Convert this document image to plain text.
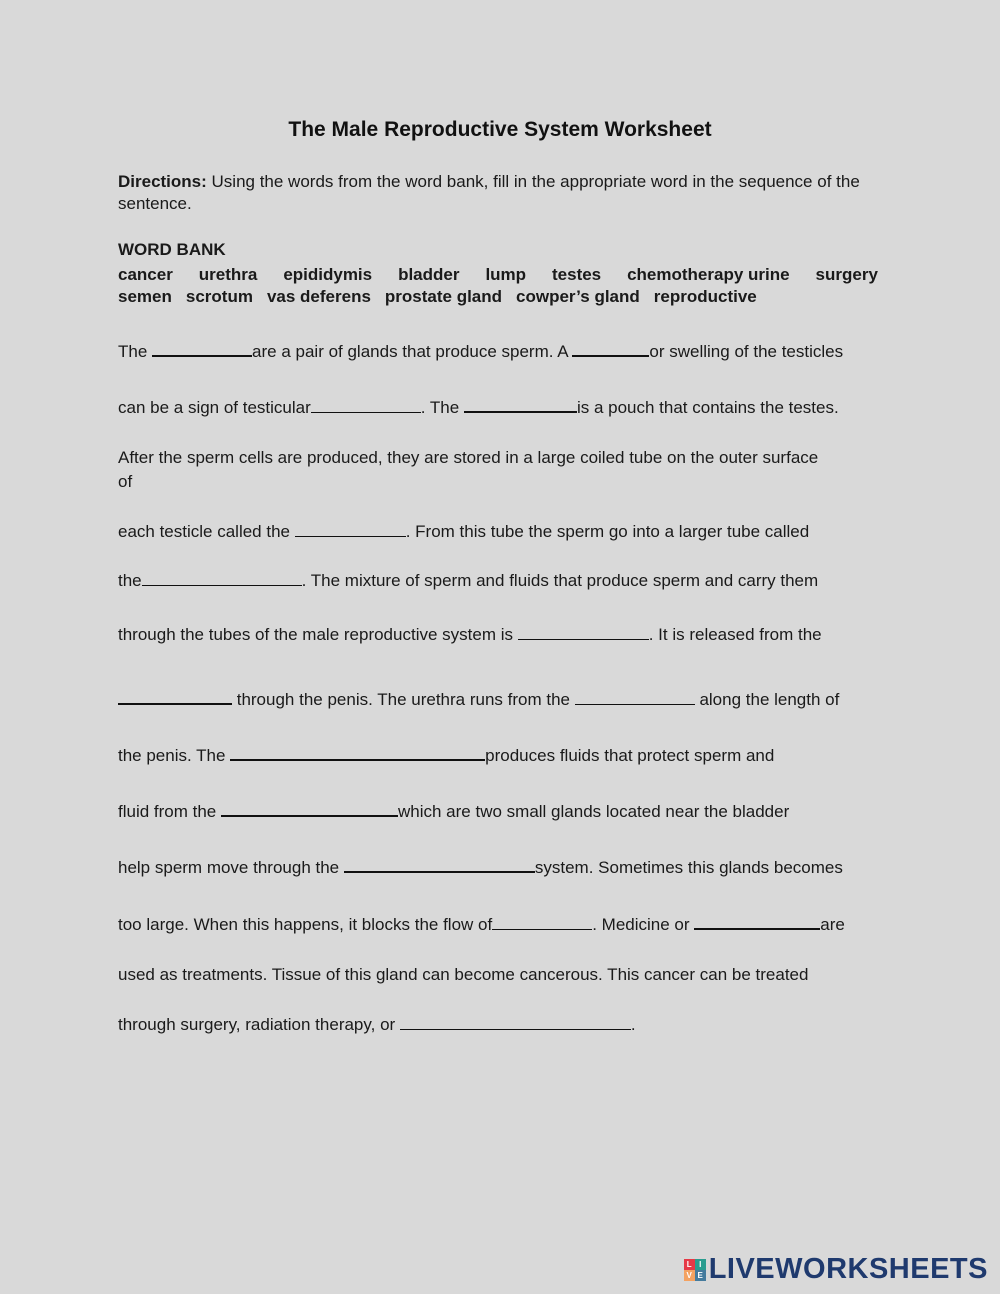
The Male Reproductive System Worksheet
Directions: Using the words from the word bank, fill in the appropriate word in the sequence of the sentence.
WORD BANK
cancer urethra epididymis bladder lump testes chemotherapy urine surgery
semen scrotum vas deferens prostate gland cowper’s gland reproductive
The	are a pair of glands that produce sperm. A	or swelling of the testicles
can be a sign of testicular	. The	is a pouch that contains the testes.
After the sperm cells are produced, they are stored in a large coiled tube on the outer surface
of
each testicle called the	. From this tube the sperm go into a larger tube called
the	. The mixture of sperm and fluids that produce sperm and carry them
through the tubes of the male reproductive system is	. It is released from the
through the penis. The urethra runs from the	along the length of
the penis. The	produces fluids that protect sperm and
fluid from the	which are two small glands located near the bladder
help sperm move through the	system. Sometimes this glands becomes
too large. When this happens, it blocks the flow of	. Medicine or	are
used as treatments. Tissue of this gland can become cancerous. This cancer can be treated
through surgery, radiation therapy, or	.
L I
V E LIVEWORKSHEETS
